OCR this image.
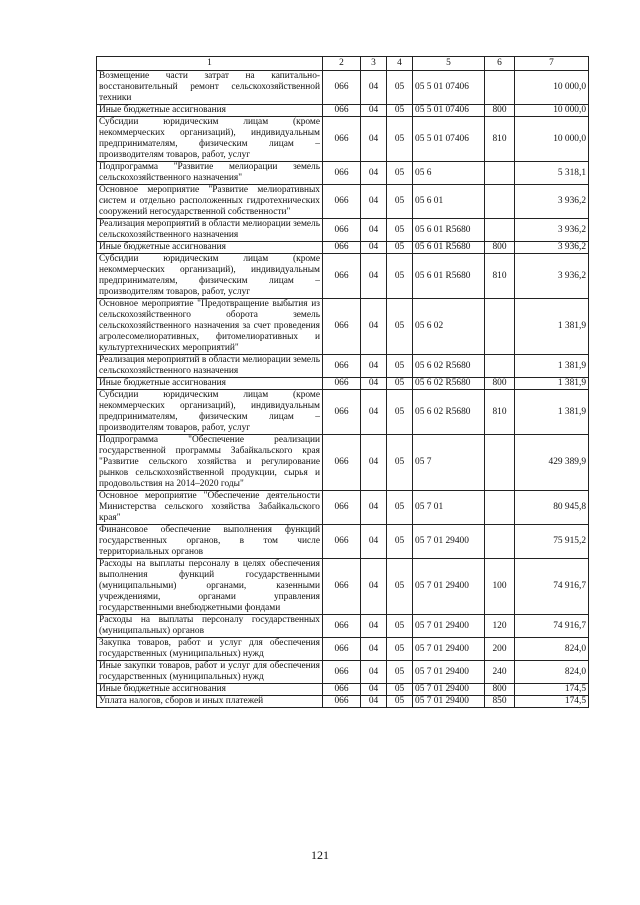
1	2	3	4	5	6	7
Возмещение части затрат на капитально-восстановительный ремонт сельскохозяйственной техники	066	04	05	05 5 01 07406		10 000,0
Иные бюджетные ассигнования	066	04	05	05 5 01 07406	800	10 000,0
Субсидии юридическим лицам (кроме некоммерческих организаций), индивидуальным предпринимателям, физическим лицам – производителям товаров, работ, услуг	066	04	05	05 5 01 07406	810	10 000,0
Подпрограмма "Развитие мелиорации земель сельскохозяйственного назначения"	066	04	05	05 6		5 318,1
Основное мероприятие "Развитие мелиоративных систем и отдельно расположенных гидротехнических сооружений негосударственной собственности"	066	04	05	05 6 01		3 936,2
Реализация мероприятий в области мелиорации земель сельскохозяйственного назначения	066	04	05	05 6 01 R5680		3 936,2
Иные бюджетные ассигнования	066	04	05	05 6 01 R5680	800	3 936,2
Субсидии юридическим лицам (кроме некоммерческих организаций), индивидуальным предпринимателям, физическим лицам – производителям товаров, работ, услуг	066	04	05	05 6 01 R5680	810	3 936,2
Основное мероприятие "Предотвращение выбытия из сельскохозяйственного оборота земель сельскохозяйственного назначения за счет проведения агролесомелиоративных, фитомелиоративных и культуртехнических мероприятий"	066	04	05	05 6 02		1 381,9
Реализация мероприятий в области мелиорации земель сельскохозяйственного назначения	066	04	05	05 6 02 R5680		1 381,9
Иные бюджетные ассигнования	066	04	05	05 6 02 R5680	800	1 381,9
Субсидии юридическим лицам (кроме некоммерческих организаций), индивидуальным предпринимателям, физическим лицам – производителям товаров, работ, услуг	066	04	05	05 6 02 R5680	810	1 381,9
Подпрограмма "Обеспечение реализации государственной программы Забайкальского края "Развитие сельского хозяйства и регулирование рынков сельскохозяйственной продукции, сырья и продовольствия на 2014–2020 годы"	066	04	05	05 7		429 389,9
Основное мероприятие "Обеспечение деятельности Министерства сельского хозяйства Забайкальского края"	066	04	05	05 7 01		80 945,8
Финансовое обеспечение выполнения функций государственных органов, в том числе территориальных органов	066	04	05	05 7 01 29400		75 915,2
Расходы на выплаты персоналу в целях обеспечения выполнения функций государственными (муниципальными) органами, казенными учреждениями, органами управления государственными внебюджетными фондами	066	04	05	05 7 01 29400	100	74 916,7
Расходы на выплаты персоналу государственных (муниципальных) органов	066	04	05	05 7 01 29400	120	74 916,7
Закупка товаров, работ и услуг для обеспечения государственных (муниципальных) нужд	066	04	05	05 7 01 29400	200	824,0
Иные закупки товаров, работ и услуг для обеспечения государственных (муниципальных) нужд	066	04	05	05 7 01 29400	240	824,0
Иные бюджетные ассигнования	066	04	05	05 7 01 29400	800	174,5
Уплата налогов, сборов и иных платежей	066	04	05	05 7 01 29400	850	174,5
121
